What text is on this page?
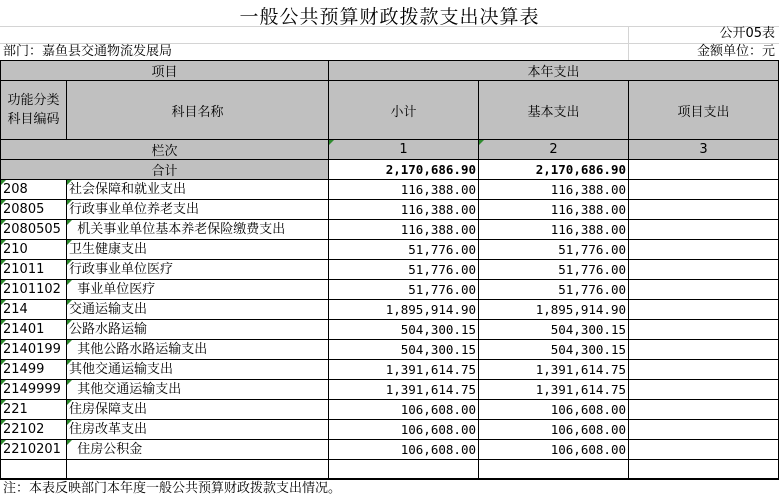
一般公共预算财政拨款支出决算表
公开05表
部门：嘉鱼县交通物流发展局	金额单位：元
项目	本年支出
功能分类
科目编码	科目名称	小计	基本支出	项目支出
栏次	1	2	3
合计	2,170,686.90	2,170,686.90
208	社会保障和就业支出	116,388.00	116,388.00
20805	行政事业单位养老支出	116,388.00	116,388.00
2080505 机关事业单位基本养老保险缴费支出	116,388.00	116,388.00
210	卫生健康支出	51,776.00	51,776.00
21011	行政事业单位医疗	51,776.00	51,776.00
2101102 事业单位医疗	51,776.00	51,776.00
214	交通运输支出	1,895,914.90	1,895,914.90
21401	公路水路运输	504,300.15	504,300.15
2140199 其他公路水路运输支出	504,300.15	504,300.15
21499	其他交通运输支出	1,391,614.75	1,391,614.75
2149999 其他交通运输支出	1,391,614.75	1,391,614.75
221	住房保障支出	106,608.00	106,608.00
22102	住房改革支出	106,608.00	106,608.00
2210201 住房公积金	106,608.00	106,608.00
注：本表反映部门本年度一般公共预算财政拨款支出情况。
